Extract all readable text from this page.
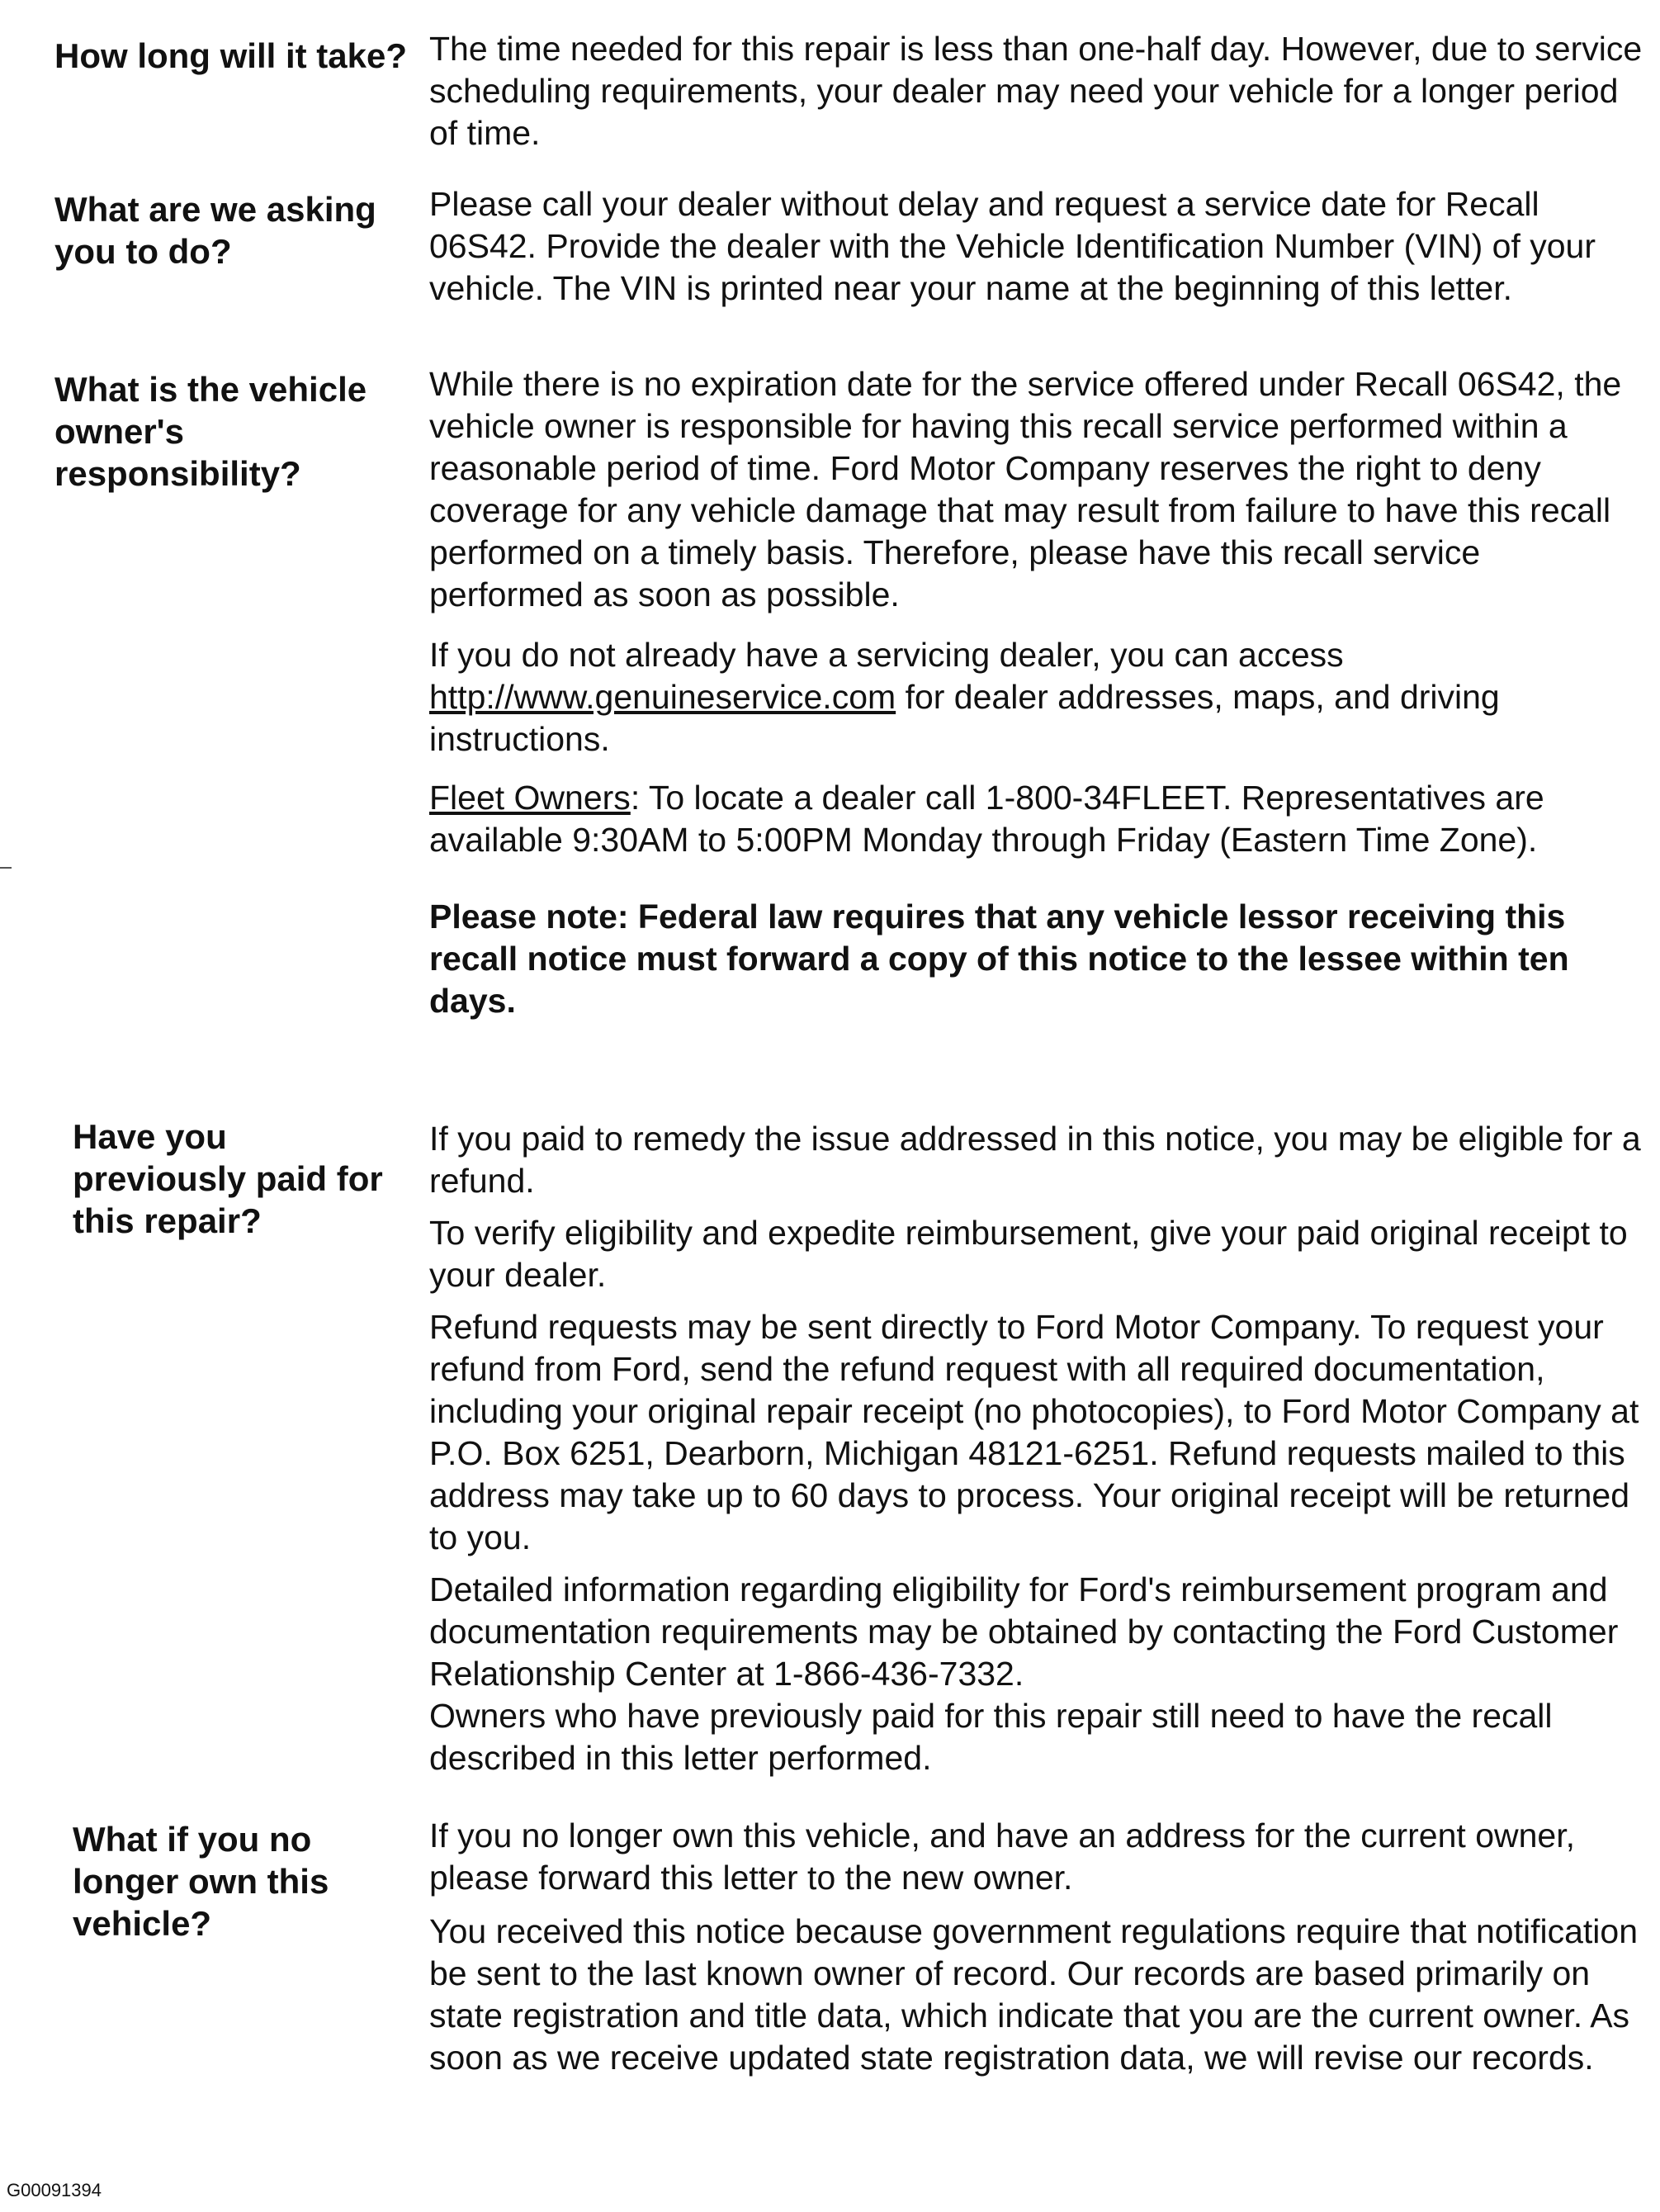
How long will it take? The time needed for this repair is less than one-half day. However, due to service scheduling requirements, your dealer may need your vehicle for a longer period of time.

What are we asking you to do?

Please call your dealer without delay and request a service date for Recall 06S42. Provide the dealer with the Vehicle Identification Number (VIN) of your vehicle. The VIN is printed near your name at the beginning of this letter.

What is the vehicle owner's responsibility?

While there is no expiration date for the service offered under Recall 06S42, the vehicle owner is responsible for having this recall service performed within a reasonable period of time. Ford Motor Company reserves the right to deny coverage for any vehicle damage that may result from failure to have this recall performed on a timely basis. Therefore, please have this recall service performed as soon as possible.

If you do not already have a servicing dealer, you can access http://www.genuineservice.com for dealer addresses, maps, and driving instructions.

Fleet Owners: To locate a dealer call 1-800-34FLEET. Representatives are available 9:30AM to 5:00PM Monday through Friday (Eastern Time Zone).

Please note: Federal law requires that any vehicle lessor receiving this recall notice must forward a copy of this notice to the lessee within ten days.

Have you previously paid for this repair?

If you paid to remedy the issue addressed in this notice, you may be eligible for a refund.

To verify eligibility and expedite reimbursement, give your paid original receipt to your dealer.

Refund requests may be sent directly to Ford Motor Company. To request your refund from Ford, send the refund request with all required documentation, including your original repair receipt (no photocopies), to Ford Motor Company at P.O. Box 6251, Dearborn, Michigan 48121-6251. Refund requests mailed to this address may take up to 60 days to process. Your original receipt will be returned to you.

Detailed information regarding eligibility for Ford's reimbursement program and documentation requirements may be obtained by contacting the Ford Customer Relationship Center at 1-866-436-7332.

Owners who have previously paid for this repair still need to have the recall described in this letter performed.

What if you no longer own this vehicle?

If you no longer own this vehicle, and have an address for the current owner, please forward this letter to the new owner.

You received this notice because government regulations require that notification be sent to the last known owner of record. Our records are based primarily on state registration and title data, which indicate that you are the current owner. As soon as we receive updated state registration data, we will revise our records.

G00091394
